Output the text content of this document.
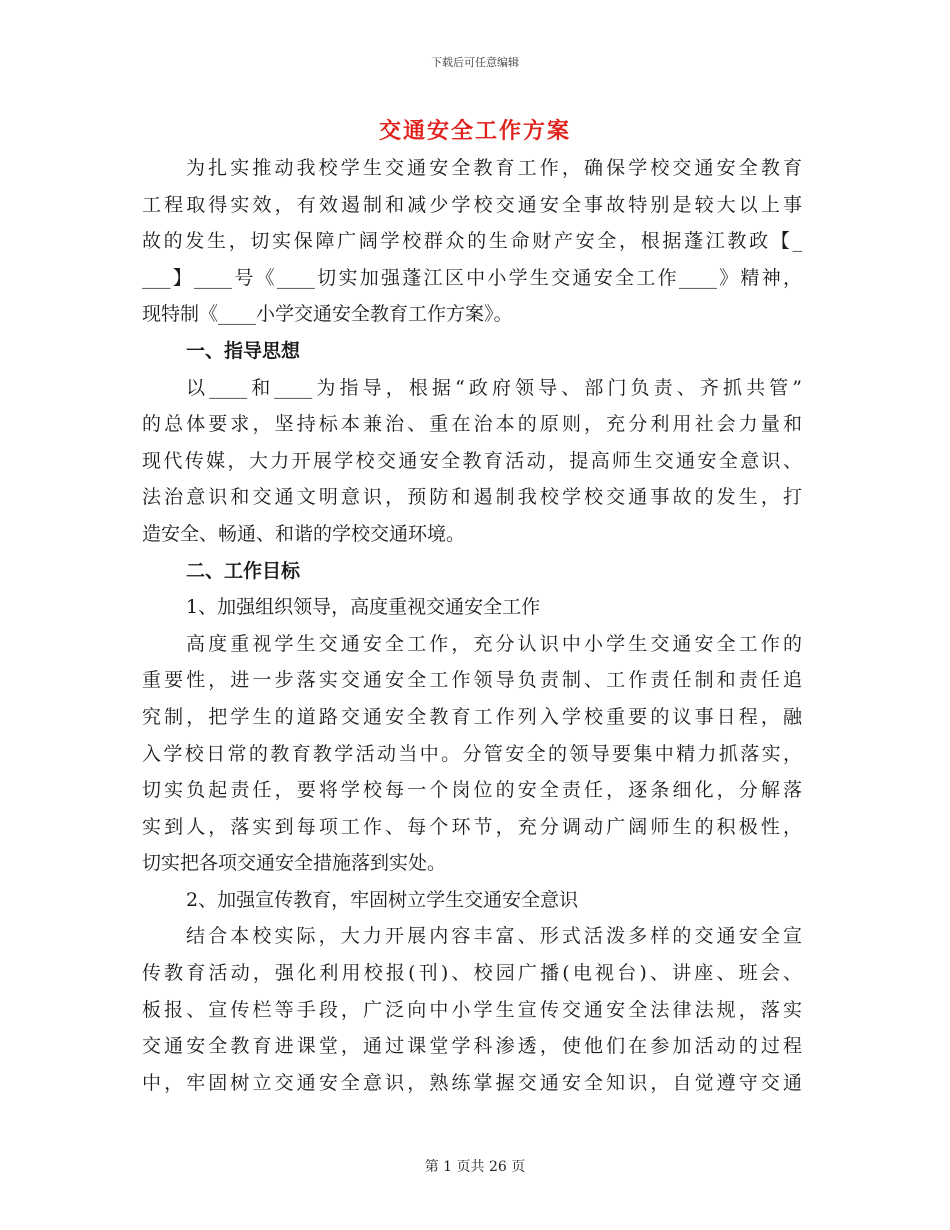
下载后可任意编辑
交通安全工作方案
为扎实推动我校学生交通安全教育工作，确保学校交通安全教育
工程取得实效，有效遏制和减少学校交通安全事故特别是较大以上事
故的发生，切实保障广阔学校群众的生命财产安全，根据蓬江教政【_
___】____号《____切实加强蓬江区中小学生交通安全工作____》精神，
现特制《____小学交通安全教育工作方案》。
一、指导思想
以____和____为指导，根据“政府领导、部门负责、齐抓共管”
的总体要求，坚持标本兼治、重在治本的原则，充分利用社会力量和
现代传媒，大力开展学校交通安全教育活动，提高师生交通安全意识、
法治意识和交通文明意识，预防和遏制我校学校交通事故的发生，打
造安全、畅通、和谐的学校交通环境。
二、工作目标
1、加强组织领导，高度重视交通安全工作
高度重视学生交通安全工作，充分认识中小学生交通安全工作的
重要性，进一步落实交通安全工作领导负责制、工作责任制和责任追
究制，把学生的道路交通安全教育工作列入学校重要的议事日程，融
入学校日常的教育教学活动当中。分管安全的领导要集中精力抓落实，
切实负起责任，要将学校每一个岗位的安全责任，逐条细化，分解落
实到人，落实到每项工作、每个环节，充分调动广阔师生的积极性，
切实把各项交通安全措施落到实处。
2、加强宣传教育，牢固树立学生交通安全意识
结合本校实际，大力开展内容丰富、形式活泼多样的交通安全宣
传教育活动，强化利用校报(刊)、校园广播(电视台)、讲座、班会、
板报、宣传栏等手段，广泛向中小学生宣传交通安全法律法规，落实
交通安全教育进课堂，通过课堂学科渗透，使他们在参加活动的过程
中，牢固树立交通安全意识，熟练掌握交通安全知识，自觉遵守交通
第 1 页共 26 页
